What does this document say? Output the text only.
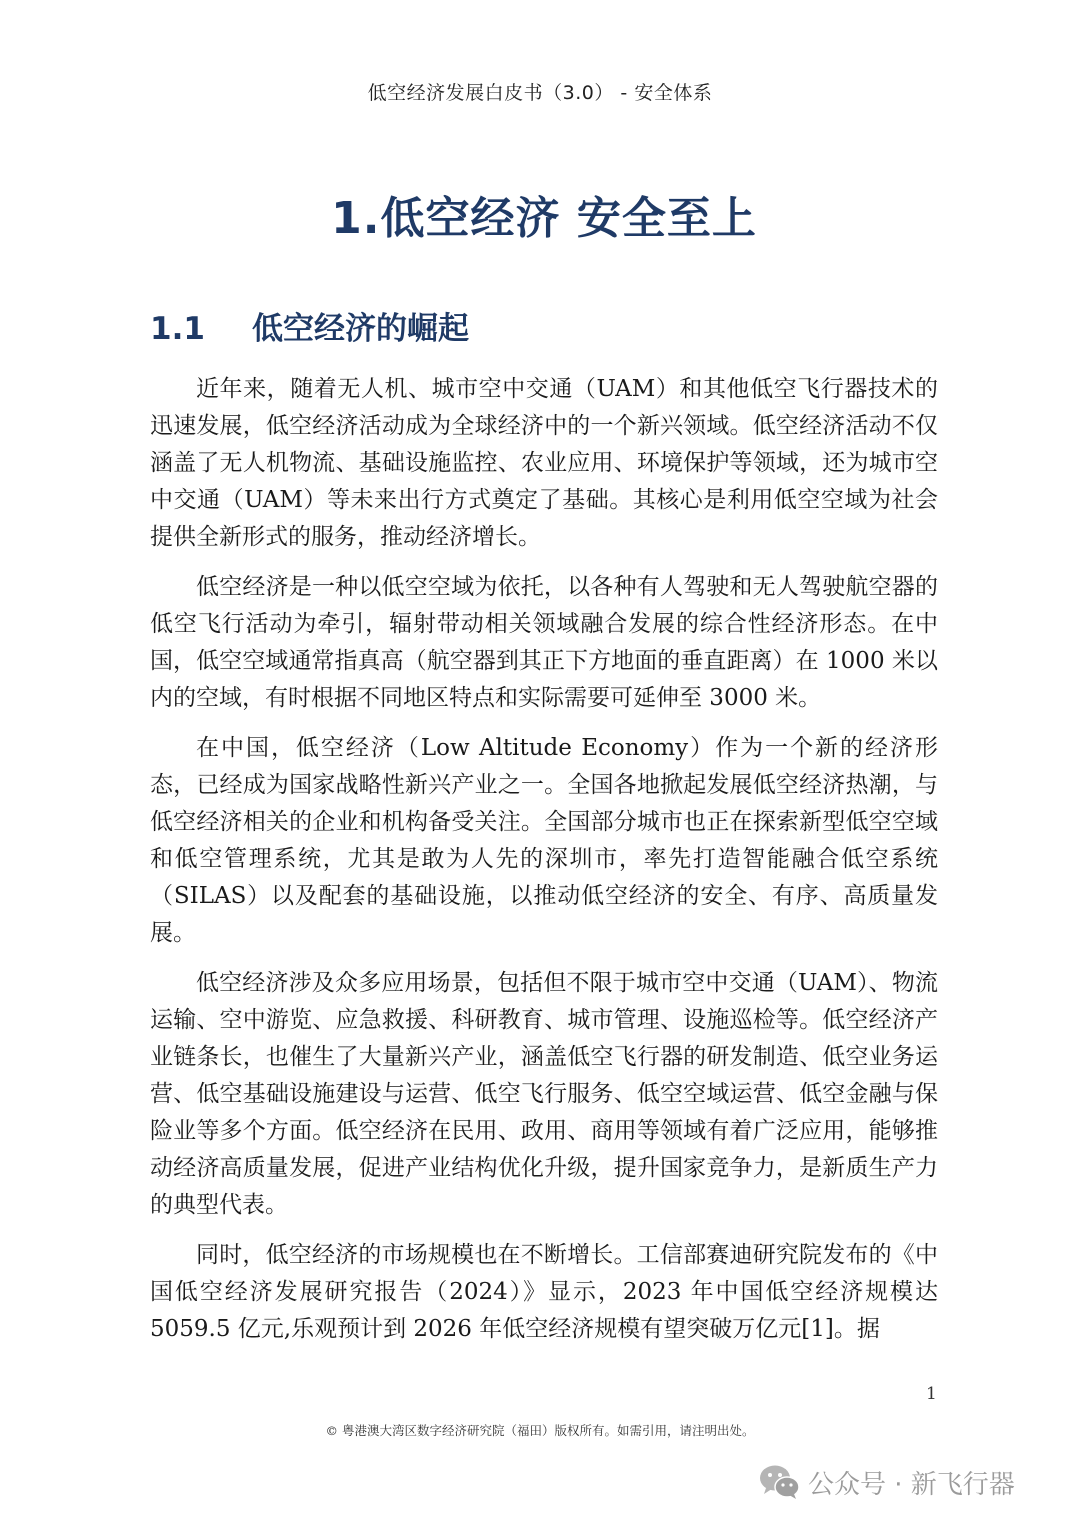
低空经济发展白皮书（3.0） - 安全体系
1.低空经济 安全至上
1.1 低空经济的崛起

近年来，随着无人机、城市空中交通（UAM）和其他低空飞行器技术的迅速发展，低空经济活动成为全球经济中的一个新兴领域。低空经济活动不仅涵盖了无人机物流、基础设施监控、农业应用、环境保护等领域，还为城市空中交通（UAM）等未来出行方式奠定了基础。其核心是利用低空空域为社会提供全新形式的服务，推动经济增长。

低空经济是一种以低空空域为依托，以各种有人驾驶和无人驾驶航空器的低空飞行活动为牵引，辐射带动相关领域融合发展的综合性经济形态。在中国，低空空域通常指真高（航空器到其正下方地面的垂直距离）在 1000 米以内的空域，有时根据不同地区特点和实际需要可延伸至 3000 米。

在中国，低空经济（Low Altitude Economy）作为一个新的经济形态，已经成为国家战略性新兴产业之一。全国各地掀起发展低空经济热潮，与低空经济相关的企业和机构备受关注。全国部分城市也正在探索新型低空空域和低空管理系统，尤其是敢为人先的深圳市，率先打造智能融合低空系统（SILAS）以及配套的基础设施，以推动低空经济的安全、有序、高质量发展。

低空经济涉及众多应用场景，包括但不限于城市空中交通（UAM）、物流运输、空中游览、应急救援、科研教育、城市管理、设施巡检等。低空经济产业链条长，也催生了大量新兴产业，涵盖低空飞行器的研发制造、低空业务运营、低空基础设施建设与运营、低空飞行服务、低空空域运营、低空金融与保险业等多个方面。低空经济在民用、政用、商用等领域有着广泛应用，能够推动经济高质量发展，促进产业结构优化升级，提升国家竞争力，是新质生产力的典型代表。

同时，低空经济的市场规模也在不断增长。工信部赛迪研究院发布的《中国低空经济发展研究报告（2024）》显示，2023 年中国低空经济规模达 5059.5 亿元,乐观预计到 2026 年低空经济规模有望突破万亿元[1]。据

1
© 粤港澳大湾区数字经济研究院（福田）版权所有。如需引用，请注明出处。
公众号 · 新飞行器
